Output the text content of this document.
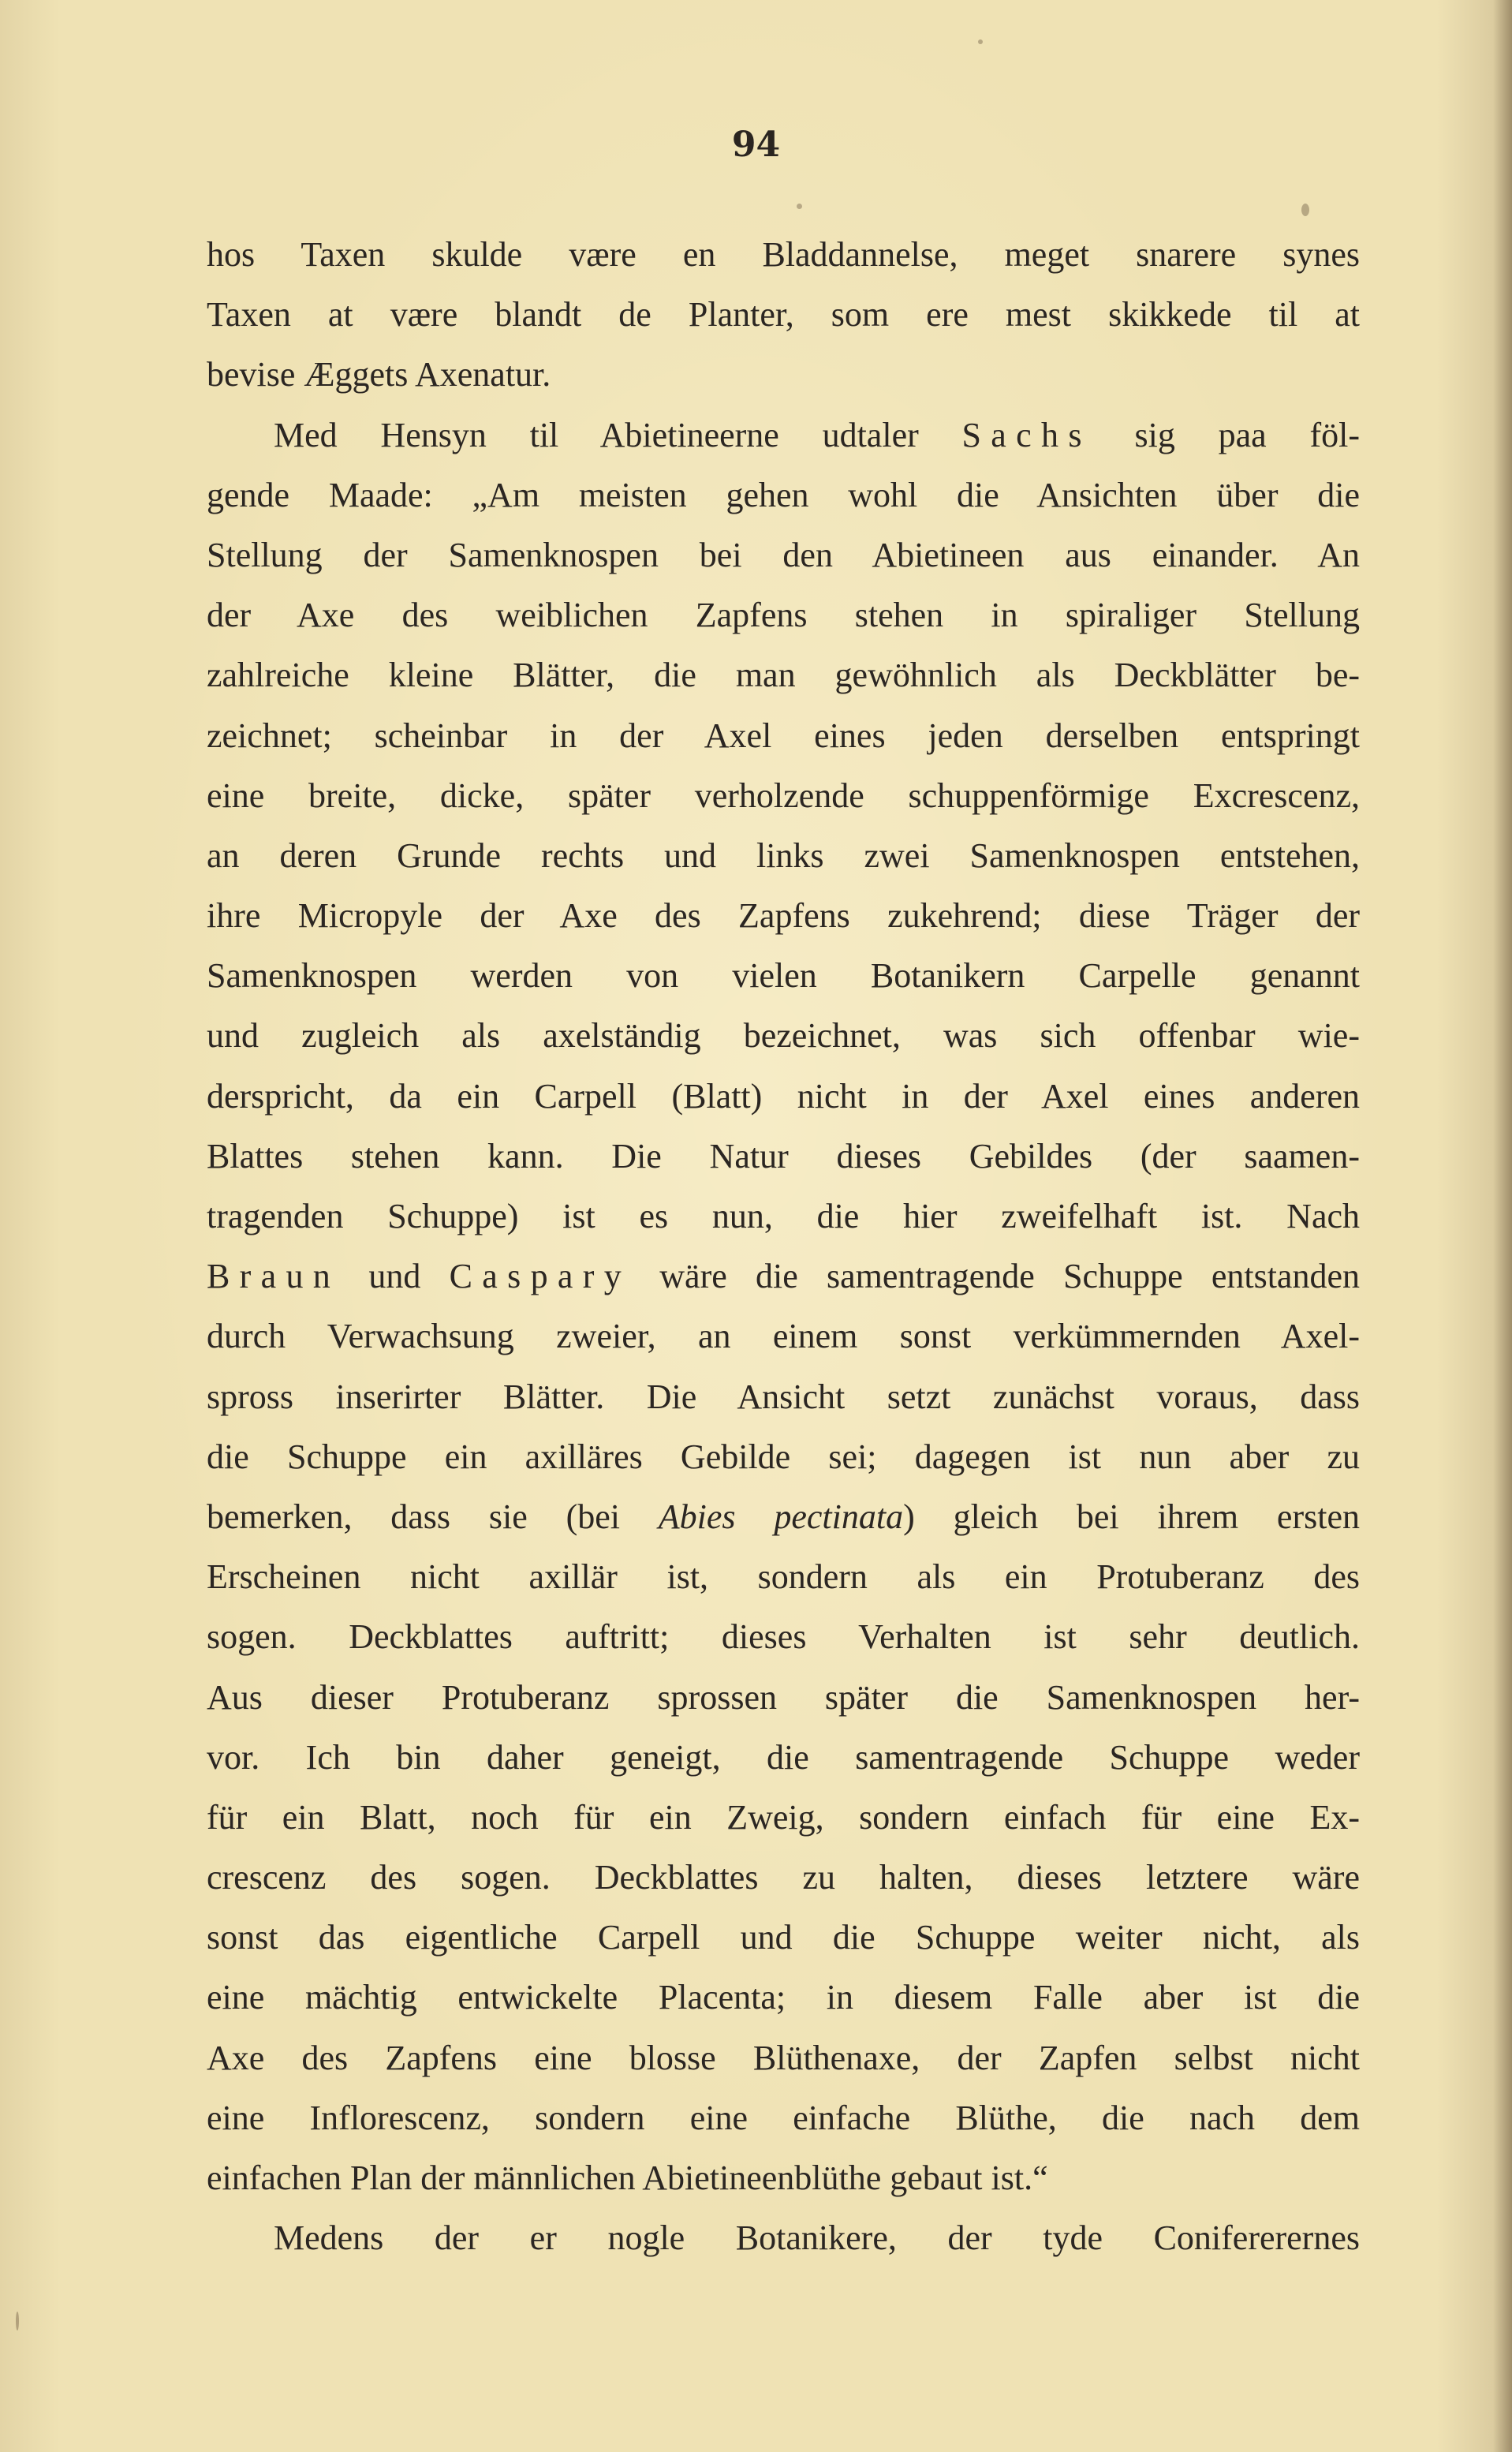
94
hos Taxen skulde være en Bladdannelse, meget snarere synes
Taxen at være blandt de Planter, som ere mest skikkede til at
bevise Æggets Axenatur.
Med Hensyn til Abietineerne udtaler Sachs sig paa föl-
gende Maade: „Am meisten gehen wohl die Ansichten über die
Stellung der Samenknospen bei den Abietineen aus einander. An
der Axe des weiblichen Zapfens stehen in spiraliger Stellung
zahlreiche kleine Blätter, die man gewöhnlich als Deckblätter be-
zeichnet; scheinbar in der Axel eines jeden derselben entspringt
eine breite, dicke, später verholzende schuppenförmige Excrescenz,
an deren Grunde rechts und links zwei Samenknospen entstehen,
ihre Micropyle der Axe des Zapfens zukehrend; diese Träger der
Samenknospen werden von vielen Botanikern Carpelle genannt
und zugleich als axelständig bezeichnet, was sich offenbar wie-
derspricht, da ein Carpell (Blatt) nicht in der Axel eines anderen
Blattes stehen kann. Die Natur dieses Gebildes (der saamen-
tragenden Schuppe) ist es nun, die hier zweifelhaft ist. Nach
Braun und Caspary wäre die samentragende Schuppe entstanden
durch Verwachsung zweier, an einem sonst verkümmernden Axel-
spross inserirter Blätter. Die Ansicht setzt zunächst voraus, dass
die Schuppe ein axilläres Gebilde sei; dagegen ist nun aber zu
bemerken, dass sie (bei Abies pectinata) gleich bei ihrem ersten
Erscheinen nicht axillär ist, sondern als ein Protuberanz des
sogen. Deckblattes auftritt; dieses Verhalten ist sehr deutlich.
Aus dieser Protuberanz sprossen später die Samenknospen her-
vor. Ich bin daher geneigt, die samentragende Schuppe weder
für ein Blatt, noch für ein Zweig, sondern einfach für eine Ex-
crescenz des sogen. Deckblattes zu halten, dieses letztere wäre
sonst das eigentliche Carpell und die Schuppe weiter nicht, als
eine mächtig entwickelte Placenta; in diesem Falle aber ist die
Axe des Zapfens eine blosse Blüthenaxe, der Zapfen selbst nicht
eine Inflorescenz, sondern eine einfache Blüthe, die nach dem
einfachen Plan der männlichen Abietineenblüthe gebaut ist.“
Medens der er nogle Botanikere, der tyde Conifererernes
